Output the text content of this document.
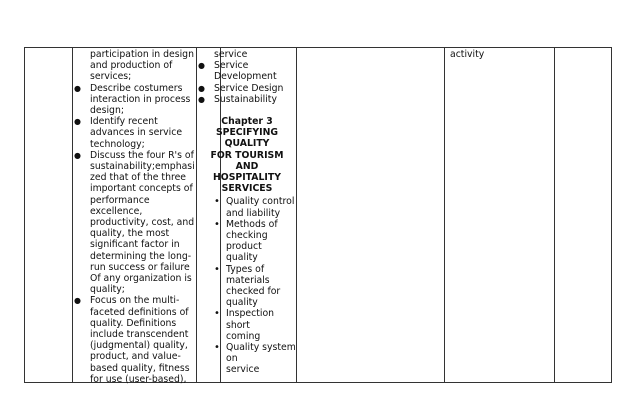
participation in design
and production of
services;
● Describe costumers
interaction in process
design;
● Identify recent
advances in service
technology;
● Discuss the four R's of
sustainability;emphasi
zed that of the three
important concepts of
performance
excellence,
productivity, cost, and
quality, the most
significant factor in
determining the long-
run success or failure
Of any organization is
quality;
● Focus on the multi-
faceted definitions of
quality. Definitions
include transcendent
(judgmental) quality,
product, and value-
based quality, fitness
for use (user-based),
service
● Service
Development
● Service Design
● Sustainability
Chapter 3
SPECIFYING QUALITY
FOR TOURISM AND
HOSPITALITY SERVICES
• Quality control
and liability
• Methods of
checking product
quality
• Types of
materials
checked for
quality
• Inspection short
coming
• Quality system on
service
activity
